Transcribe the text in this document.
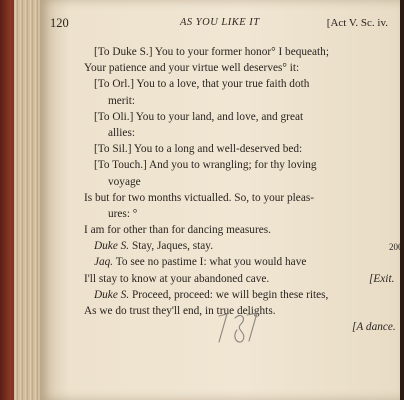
120	AS YOU LIKE IT	[Act V. Sc. iv.
[To Duke S.] You to your former honor° I bequeath;
Your patience and your virtue well deserves° it:
[To Orl.] You to a love, that your true faith doth
merit:
[To Oli.] You to your land, and love, and great
allies:
[To Sil.] You to a long and well-deserved bed:
[To Touch.] And you to wrangling; for thy loving
voyage
Is but for two months victualled. So, to your pleas-
ures: °
I am for other than for dancing measures.
Duke S. Stay, Jaques, stay.	200
Jaq. To see no pastime I: what you would have
I'll stay to know at your abandoned cave.	[Exit.
Duke S. Proceed, proceed: we will begin these rites,
As we do trust they'll end, in true delights.
[A dance.
